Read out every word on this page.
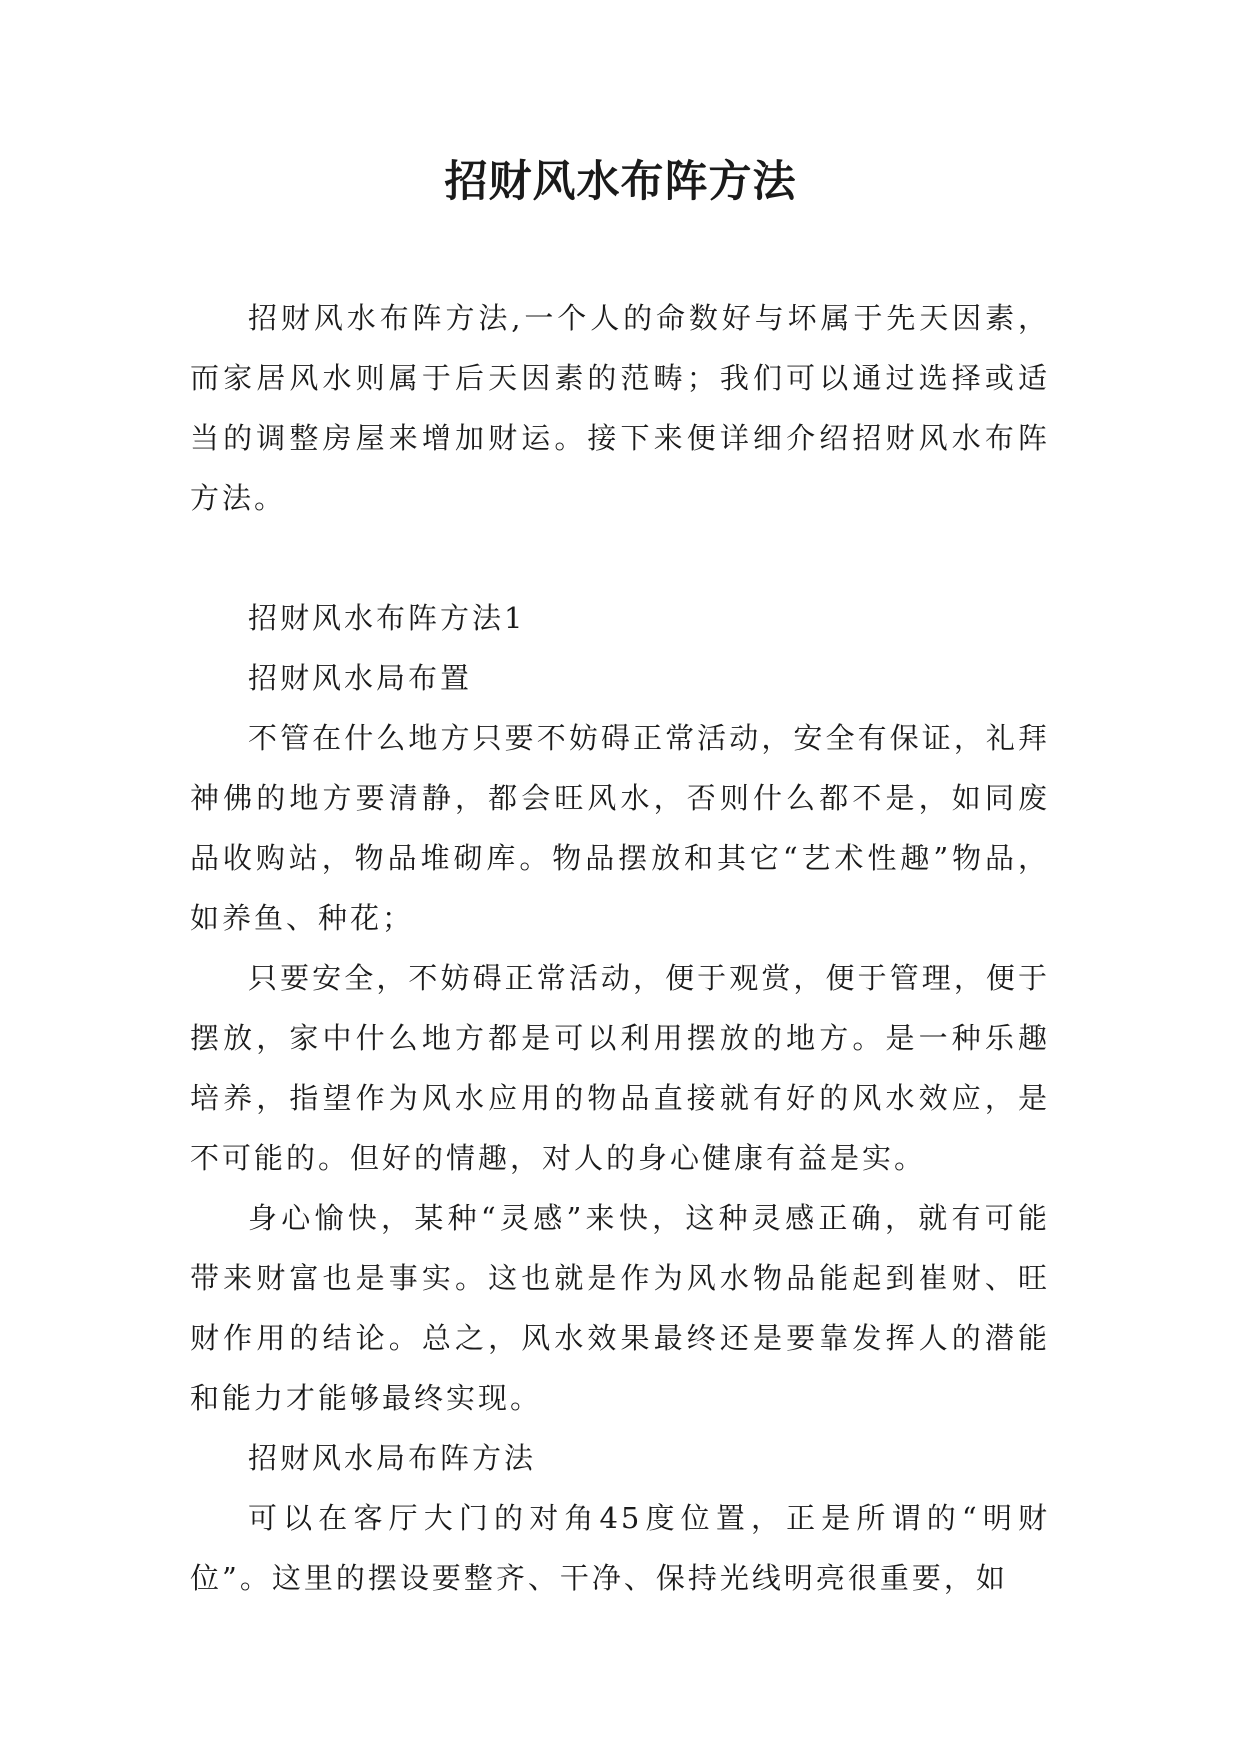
招财风水布阵方法

招财风水布阵方法,一个人的命数好与坏属于先天因素，而家居风水则属于后天因素的范畴；我们可以通过选择或适当的调整房屋来增加财运。接下来便详细介绍招财风水布阵方法。

招财风水布阵方法1

招财风水局布置

不管在什么地方只要不妨碍正常活动，安全有保证，礼拜神佛的地方要清静，都会旺风水，否则什么都不是，如同废品收购站，物品堆砌库。物品摆放和其它“艺术性趣”物品，如养鱼、种花；

只要安全，不妨碍正常活动，便于观赏，便于管理，便于摆放，家中什么地方都是可以利用摆放的地方。是一种乐趣培养，指望作为风水应用的物品直接就有好的风水效应，是不可能的。但好的情趣，对人的身心健康有益是实。

身心愉快，某种“灵感”来快，这种灵感正确，就有可能带来财富也是事实。这也就是作为风水物品能起到崔财、旺财作用的结论。总之，风水效果最终还是要靠发挥人的潜能和能力才能够最终实现。

招财风水局布阵方法

可以在客厅大门的对角45度位置，正是所谓的“明财位”。这里的摆设要整齐、干净、保持光线明亮很重要，如
